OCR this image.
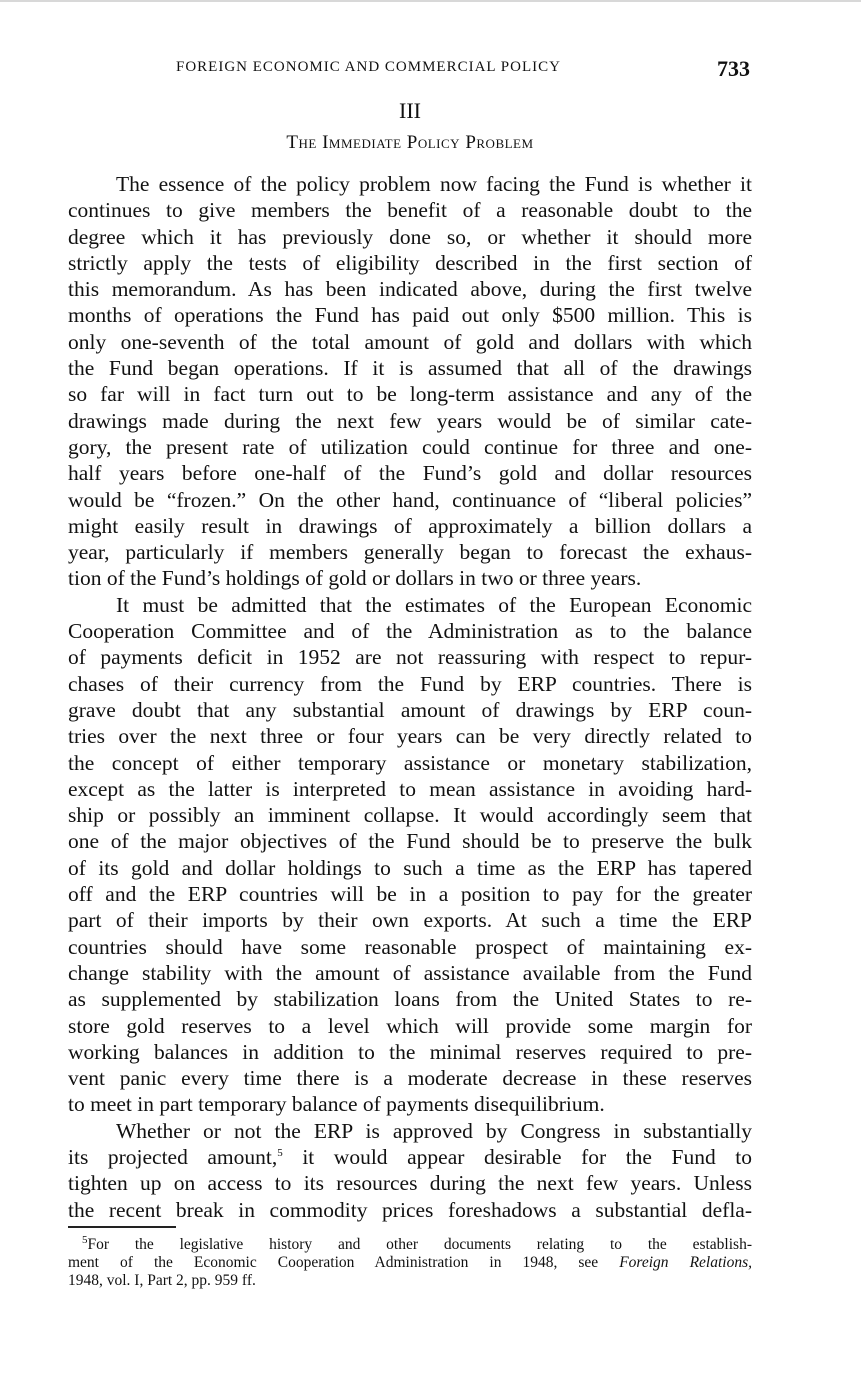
FOREIGN ECONOMIC AND COMMERCIAL POLICY	733
III
The Immediate Policy Problem
The essence of the policy problem now facing the Fund is whether it
continues to give members the benefit of a reasonable doubt to the
degree which it has previously done so, or whether it should more
strictly apply the tests of eligibility described in the first section of
this memorandum. As has been indicated above, during the first twelve
months of operations the Fund has paid out only $500 million. This is
only one-seventh of the total amount of gold and dollars with which
the Fund began operations. If it is assumed that all of the drawings
so far will in fact turn out to be long-term assistance and any of the
drawings made during the next few years would be of similar cate-
gory, the present rate of utilization could continue for three and one-
half years before one-half of the Fund’s gold and dollar resources
would be “frozen.” On the other hand, continuance of “liberal policies”
might easily result in drawings of approximately a billion dollars a
year, particularly if members generally began to forecast the exhaus-
tion of the Fund’s holdings of gold or dollars in two or three years.
It must be admitted that the estimates of the European Economic
Cooperation Committee and of the Administration as to the balance
of payments deficit in 1952 are not reassuring with respect to repur-
chases of their currency from the Fund by ERP countries. There is
grave doubt that any substantial amount of drawings by ERP coun-
tries over the next three or four years can be very directly related to
the concept of either temporary assistance or monetary stabilization,
except as the latter is interpreted to mean assistance in avoiding hard-
ship or possibly an imminent collapse. It would accordingly seem that
one of the major objectives of the Fund should be to preserve the bulk
of its gold and dollar holdings to such a time as the ERP has tapered
off and the ERP countries will be in a position to pay for the greater
part of their imports by their own exports. At such a time the ERP
countries should have some reasonable prospect of maintaining ex-
change stability with the amount of assistance available from the Fund
as supplemented by stabilization loans from the United States to re-
store gold reserves to a level which will provide some margin for
working balances in addition to the minimal reserves required to pre-
vent panic every time there is a moderate decrease in these reserves
to meet in part temporary balance of payments disequilibrium.
Whether or not the ERP is approved by Congress in substantially
its projected amount,$^5$ it would appear desirable for the Fund to
tighten up on access to its resources during the next few years. Unless
the recent break in commodity prices foreshadows a substantial defla-
$^5$For the legislative history and other documents relating to the establish-
ment of the Economic Cooperation Administration in 1948, see Foreign Relations,
1948, vol. I, Part 2, pp. 959 ff.
